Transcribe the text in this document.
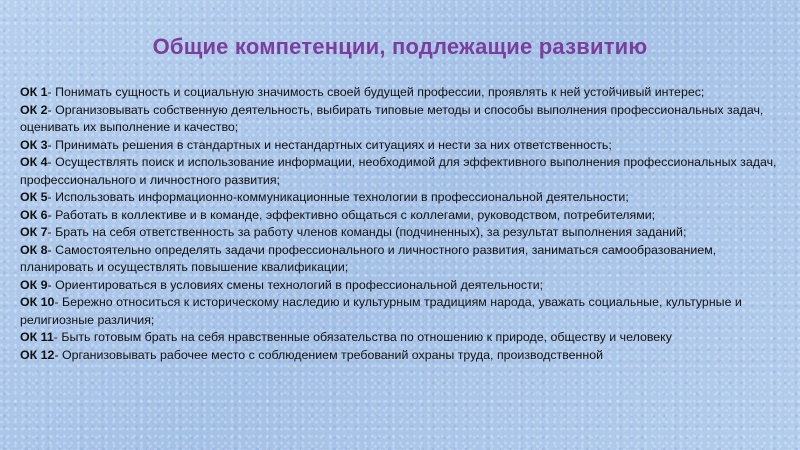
Общие компетенции, подлежащие развитию

ОК 1- Понимать сущность и социальную значимость своей будущей профессии, проявлять к ней устойчивый интерес;

ОК 2- Организовывать собственную деятельность, выбирать типовые методы и способы выполнения профессиональных задач, оценивать их выполнение и качество;

ОК 3- Принимать решения в стандартных и нестандартных ситуациях и нести за них ответственность;

ОК 4- Осуществлять поиск и использование информации, необходимой для эффективного выполнения профессиональных задач, профессионального и личностного развития;

ОК 5- Использовать информационно-коммуникационные технологии в профессиональной деятельности;

ОК 6- Работать в коллективе и в команде, эффективно общаться с коллегами, руководством, потребителями;

ОК 7- Брать на себя ответственность за работу членов команды (подчиненных), за результат выполнения заданий;

ОК 8- Самостоятельно определять задачи профессионального и личностного развития, заниматься самообразованием, планировать и осуществлять повышение квалификации;

ОК 9- Ориентироваться в условиях смены технологий в профессиональной деятельности;

ОК 10- Бережно относиться к историческому наследию и культурным традициям народа, уважать социальные, культурные и религиозные различия;

ОК 11- Быть готовым брать на себя нравственные обязательства по отношению к природе, обществу и человеку

ОК 12- Организовывать рабочее место с соблюдением требований охраны труда, производственной
